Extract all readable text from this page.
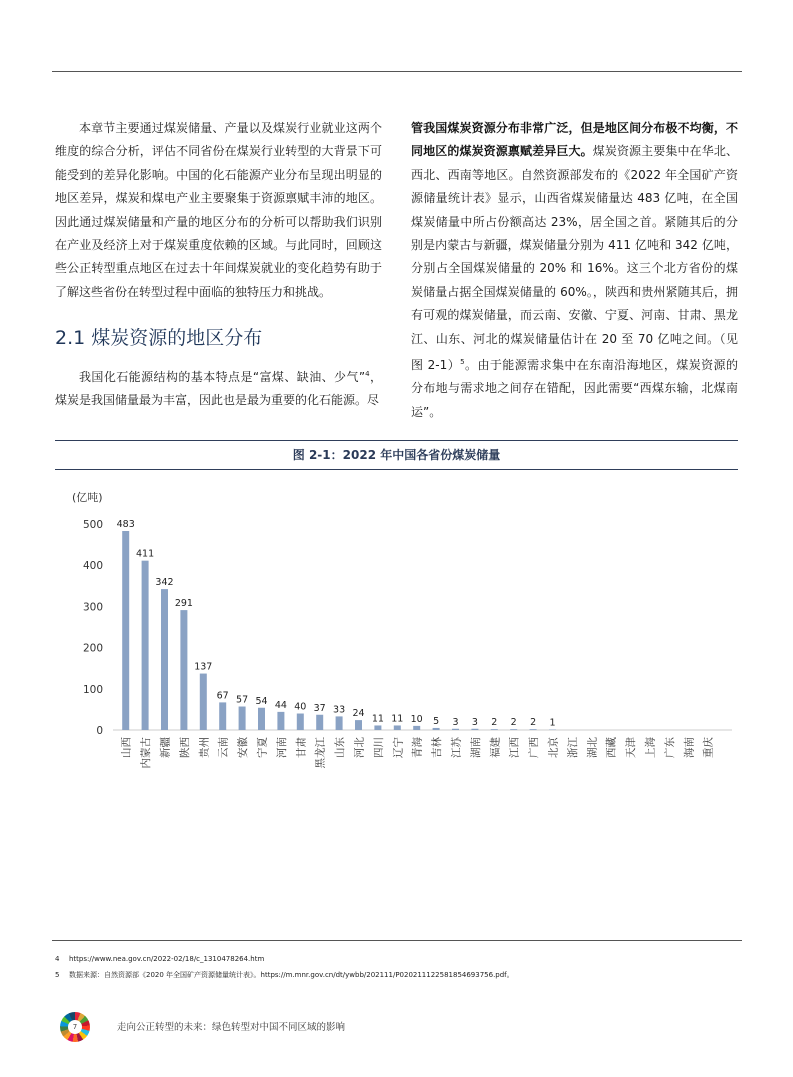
本章节主要通过煤炭储量、产量以及煤炭行业就业这两个维度的综合分析，评估不同省份在煤炭行业转型的大背景下可能受到的差异化影响。中国的化石能源产业分布呈现出明显的地区差异，煤炭和煤电产业主要聚集于资源禀赋丰沛的地区。因此通过煤炭储量和产量的地区分布的分析可以帮助我们识别在产业及经济上对于煤炭重度依赖的区域。与此同时，回顾这些公正转型重点地区在过去十年间煤炭就业的变化趋势有助于了解这些省份在转型过程中面临的独特压力和挑战。

2.1 煤炭资源的地区分布

我国化石能源结构的基本特点是“富煤、缺油、少气”$^4$，煤炭是我国储量最为丰富，因此也是最为重要的化石能源。尽

管我国煤炭资源分布非常广泛，但是地区间分布极不均衡，不同地区的煤炭资源禀赋差异巨大。煤炭资源主要集中在华北、西北、西南等地区。自然资源部发布的《2022 年全国矿产资源储量统计表》显示，山西省煤炭储量达 483 亿吨，在全国煤炭储量中所占份额高达 23%，居全国之首。紧随其后的分别是内蒙古与新疆，煤炭储量分别为 411 亿吨和 342 亿吨，分别占全国煤炭储量的 20% 和 16%。这三个北方省份的煤炭储量占据全国煤炭储量的 60%。，陕西和贵州紧随其后，拥有可观的煤炭储量，而云南、安徽、宁夏、河南、甘肃、黑龙江、山东、河北的煤炭储量估计在 20 至 70 亿吨之间。（见图 2-1）$^5$。由于能源需求集中在东南沿海地区，煤炭资源的分布地与需求地之间存在错配，因此需要“西煤东输，北煤南运”。

图 2-1：2022 年中国各省份煤炭储量
(亿吨)
0
100
200
300
400
500 483
411
342
291
137
67 57 54 44 40 37 33 24 11 11 10 5 3 3 2 2 2 1
山西 内蒙古 新疆 陕西 贵州 云南 安徽 宁夏 河南 甘肃 黑龙江 山东 河北 四川 辽宁 青海 吉林 江苏 湖南 福建 江西 广西 北京 浙江 湖北 西藏 天津 上海 广东 海南 重庆
4 https://www.nea.gov.cn/2022-02/18/c_1310478264.htm
5 数据来源：自然资源部《2020 年全国矿产资源储量统计表》。https://m.mnr.gov.cn/dt/ywbb/202111/P020211122581854693756.pdf。
7	走向公正转型的未来：绿色转型对中国不同区域的影响
